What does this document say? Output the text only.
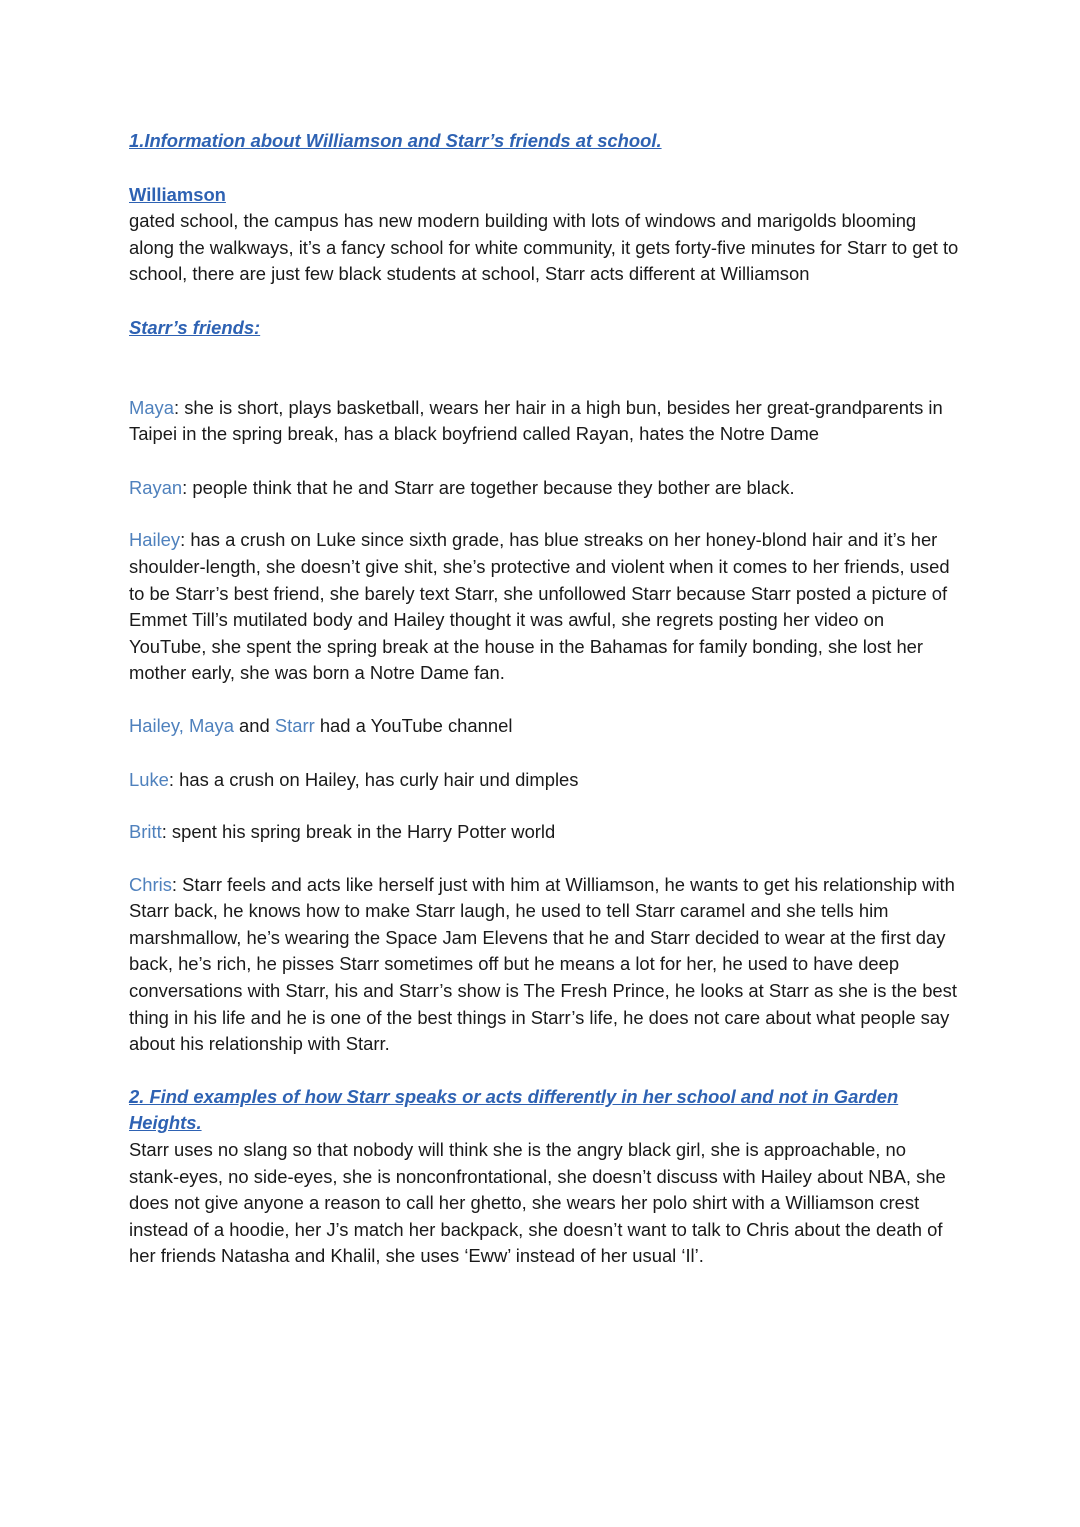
1.Information about Williamson and Starr’s friends at school.

Williamson

gated school, the campus has new modern building with lots of windows and marigolds blooming along the walkways, it’s a fancy school for white community, it gets forty-five minutes for Starr to get to school, there are just few black students at school, Starr acts different at Williamson

Starr’s friends:

Maya: she is short, plays basketball, wears her hair in a high bun, besides her great-grandparents in Taipei in the spring break, has a black boyfriend called Rayan, hates the Notre Dame

Rayan: people think that he and Starr are together because they bother are black.

Hailey: has a crush on Luke since sixth grade, has blue streaks on her honey-blond hair and it’s her shoulder-length, she doesn’t give shit, she’s protective and violent when it comes to her friends, used to be Starr’s best friend, she barely text Starr, she unfollowed Starr because Starr posted a picture of Emmet Till’s mutilated body and Hailey thought it was awful, she regrets posting her video on YouTube, she spent the spring break at the house in the Bahamas for family bonding, she lost her mother early, she was born a Notre Dame fan.

Hailey, Maya and Starr had a YouTube channel

Luke: has a crush on Hailey, has curly hair und dimples

Britt: spent his spring break in the Harry Potter world

Chris: Starr feels and acts like herself just with him at Williamson, he wants to get his relationship with Starr back, he knows how to make Starr laugh, he used to tell Starr caramel and she tells him marshmallow, he’s wearing the Space Jam Elevens that he and Starr decided to wear at the first day back, he’s rich, he pisses Starr sometimes off but he means a lot for her, he used to have deep conversations with Starr, his and Starr’s show is The Fresh Prince, he looks at Starr as she is the best thing in his life and he is one of the best things in Starr’s life, he does not care about what people say about his relationship with Starr.

2. Find examples of how Starr speaks or acts differently in her school and not in Garden Heights.

Starr uses no slang so that nobody will think she is the angry black girl, she is approachable, no stank-eyes, no side-eyes, she is nonconfrontational, she doesn’t discuss with Hailey about NBA, she does not give anyone a reason to call her ghetto, she wears her polo shirt with a Williamson crest instead of a hoodie, her J’s match her backpack, she doesn’t want to talk to Chris about the death of her friends Natasha and Khalil, she uses ‘Eww’ instead of her usual ‘Il’.
